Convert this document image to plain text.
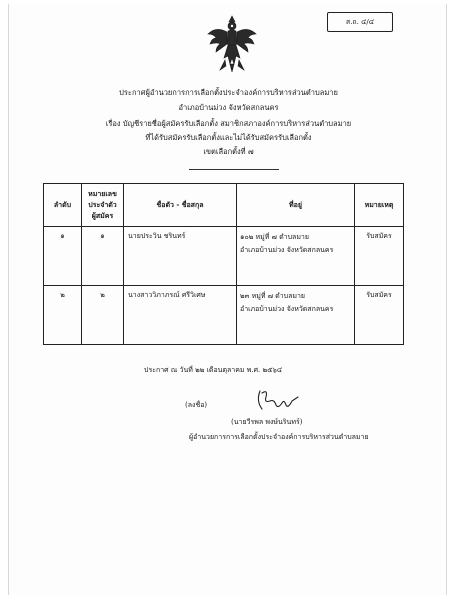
ส.ถ. ๔/๔
ประกาศผู้อำนวยการการเลือกตั้งประจำองค์การบริหารส่วนตำบลมาย
อำเภอบ้านม่วง จังหวัดสกลนคร
เรื่อง บัญชีรายชื่อผู้สมัครรับเลือกตั้ง สมาชิกสภาองค์การบริหารส่วนตำบลมาย
ที่ได้รับสมัครรับเลือกตั้งและไม่ได้รับสมัครรับเลือกตั้ง
เขตเลือกตั้งที่ ๗
ลำดับ	หมายเลข
ประจำตัว
ผู้สมัคร	ชื่อตัว - ชื่อสกุล	ที่อยู่	หมายเหตุ
๑	๑	นายประวิน ชรินทร์	๑๐๒ หมู่ที่ ๗ ตำบลมาย
อำเภอบ้านม่วง จังหวัดสกลนคร	รับสมัคร
๒	๒	นางสาววิภาภรณ์ ศรีวิเศษ	๒๓ หมู่ที่ ๗ ตำบลมาย
อำเภอบ้านม่วง จังหวัดสกลนคร	รับสมัคร
ประกาศ ณ วันที่ ๒๒ เดือนตุลาคม พ.ศ. ๒๕๖๔
(ลงชื่อ)
(นายวีรพล พงษ์นรินทร์)
ผู้อำนวยการการเลือกตั้งประจำองค์การบริหารส่วนตำบลมาย
